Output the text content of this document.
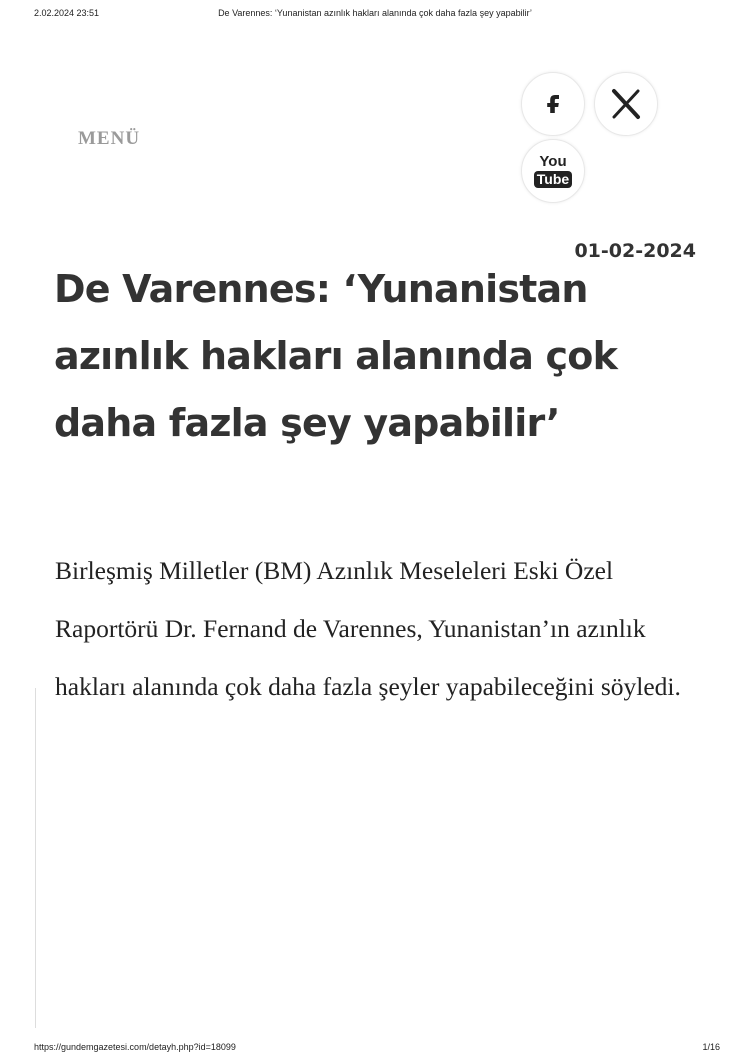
2.02.2024 23:51	De Varennes: ‘Yunanistan azınlık hakları alanında çok daha fazla şey yapabilir’
MENÜ
You
Tube
01-02-2024
De Varennes: ‘Yunanistan azınlık hakları alanında çok daha fazla şey yapabilir’

Birleşmiş Milletler (BM) Azınlık Meseleleri Eski Özel Raportörü Dr. Fernand de Varennes, Yunanistan’ın azınlık hakları alanında çok daha fazla şeyler yapabileceğini söyledi.

https://gundemgazetesi.com/detayh.php?id=18099	1/16
